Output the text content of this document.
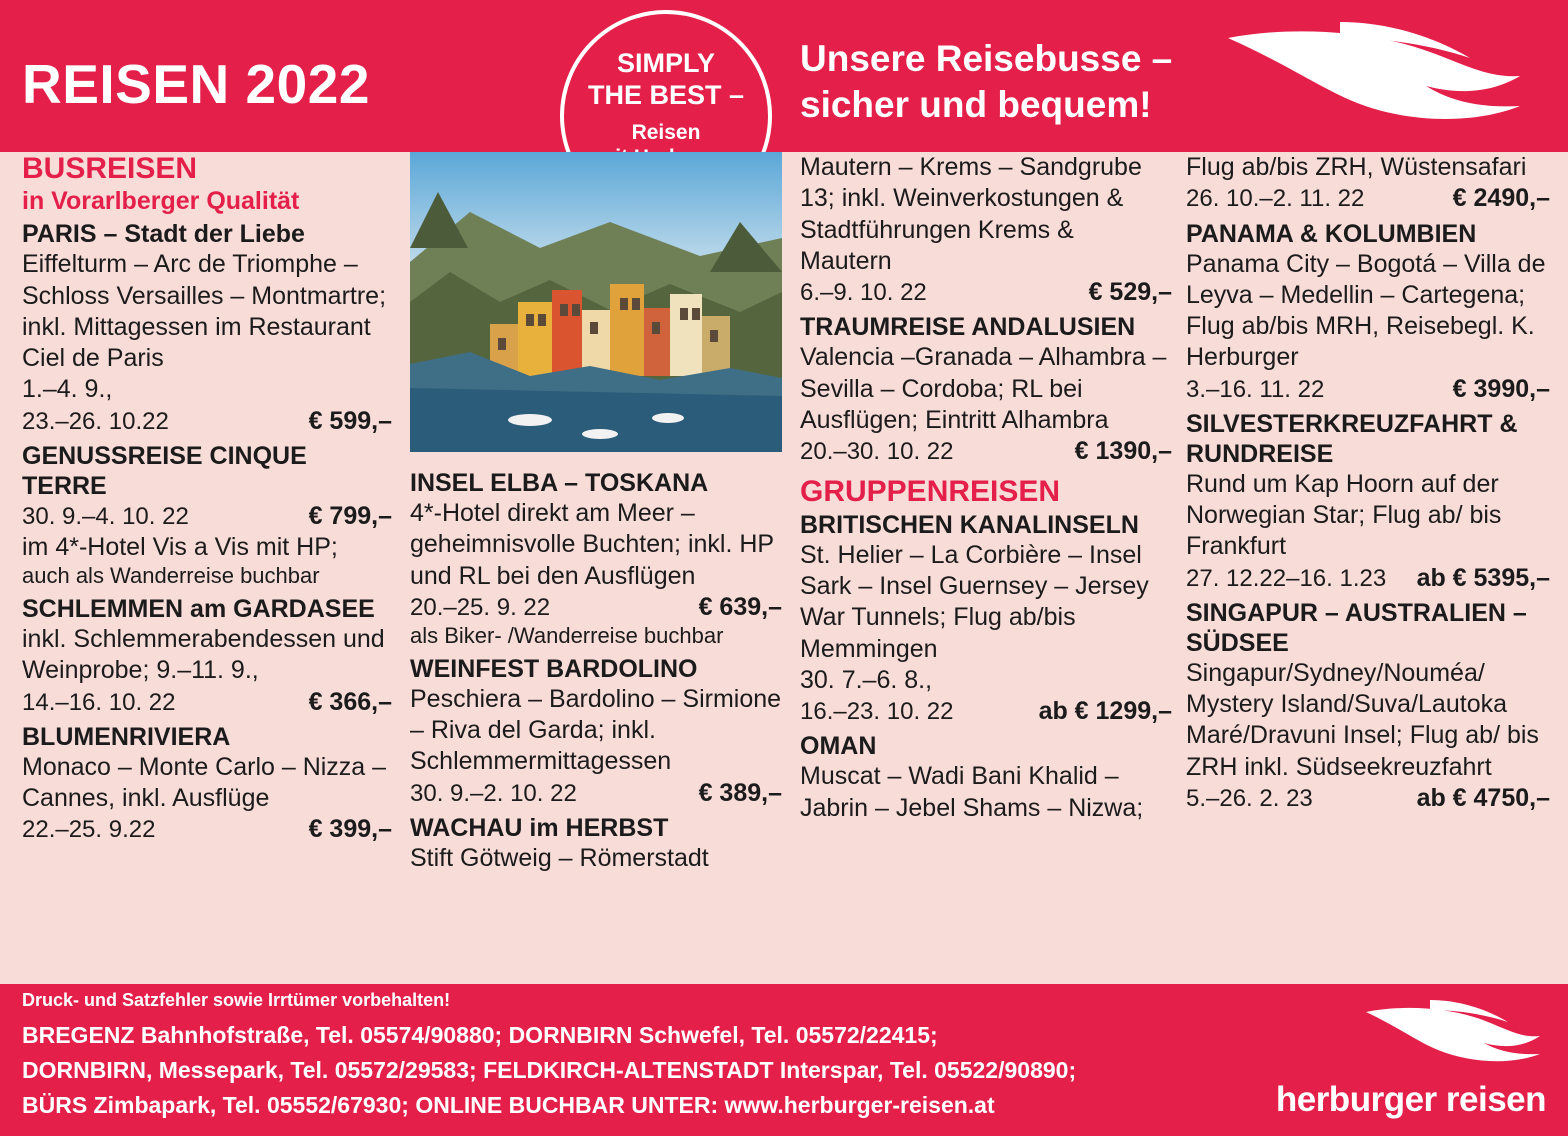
REISEN 2022	SIMPLY
THE BEST –
Reisen
Unsere Reisebusse –
sicher und bequem!
BUSREISEN
in Vorarlberger Qualität
PARIS – Stadt der Liebe
Eiffelturm – Arc de Triomphe – Schloss Versailles – Montmartre; inkl. Mittagessen im Restaurant Ciel de Paris
1.–4. 9.,
23.–26. 10.22	€ 599,–
GENUSSREISE CINQUE TERRE
30. 9.–4. 10. 22	€ 799,–
im 4*-Hotel Vis a Vis mit HP;
auch als Wanderreise buchbar
SCHLEMMEN am GARDASEE
inkl. Schlemmerabendessen und Weinprobe; 9.–11. 9.,
14.–16. 10. 22	€ 366,–
BLUMENRIVIERA
Monaco – Monte Carlo – Nizza – Cannes, inkl. Ausflüge
22.–25. 9.22	€ 399,–
INSEL ELBA – TOSKANA
4*-Hotel direkt am Meer – geheimnisvolle Buchten; inkl. HP und RL bei den Ausflügen
20.–25. 9. 22	€ 639,–
als Biker- /Wanderreise buchbar
WEINFEST BARDOLINO
Peschiera – Bardolino – Sirmione – Riva del Garda; inkl. Schlemmermittagessen
30. 9.–2. 10. 22	€ 389,–
WACHAU im HERBST
Stift Götweig – Römerstadt
Mautern – Krems – Sandgrube 13; inkl. Weinverkostungen & Stadtführungen Krems & Mautern
6.–9. 10. 22	€ 529,–
TRAUMREISE ANDALUSIEN
Valencia –Granada – Alhambra – Sevilla – Cordoba; RL bei Ausflügen; Eintritt Alhambra
20.–30. 10. 22	€ 1390,–
GRUPPENREISEN
BRITISCHEN KANALINSELN
St. Helier – La Corbière – Insel Sark – Insel Guernsey – Jersey War Tunnels; Flug ab/bis Memmingen
30. 7.–6. 8.,
16.–23. 10. 22	ab € 1299,–
OMAN
Muscat – Wadi Bani Khalid – Jabrin – Jebel Shams – Nizwa;
Flug ab/bis ZRH, Wüstensafari
26. 10.–2. 11. 22	€ 2490,–
PANAMA & KOLUMBIEN
Panama City – Bogotá – Villa de Leyva – Medellin – Cartegena; Flug ab/bis MRH, Reisebegl. K. Herburger
3.–16. 11. 22	€ 3990,–
SILVESTERKREUZFAHRT & RUNDREISE
Rund um Kap Hoorn auf der Norwegian Star; Flug ab/ bis Frankfurt
27. 12.22–16. 1.23 ab € 5395,–
SINGAPUR – AUSTRALIEN – SÜDSEE
Singapur/Sydney/Nouméa/ Mystery Island/Suva/Lautoka Maré/Dravuni Insel; Flug ab/ bis ZRH inkl. Südseekreuzfahrt
5.–26. 2. 23	ab € 4750,–
Druck- und Satzfehler sowie Irrtümer vorbehalten!
BREGENZ Bahnhofstraße, Tel. 05574/90880; DORNBIRN Schwefel, Tel. 05572/22415;
DORNBIRN, Messepark, Tel. 05572/29583; FELDKIRCH-ALTENSTADT Interspar, Tel. 05522/90890;
BÜRS Zimbapark, Tel. 05552/67930; ONLINE BUCHBAR UNTER: www.herburger-reisen.at	herburger reisen
